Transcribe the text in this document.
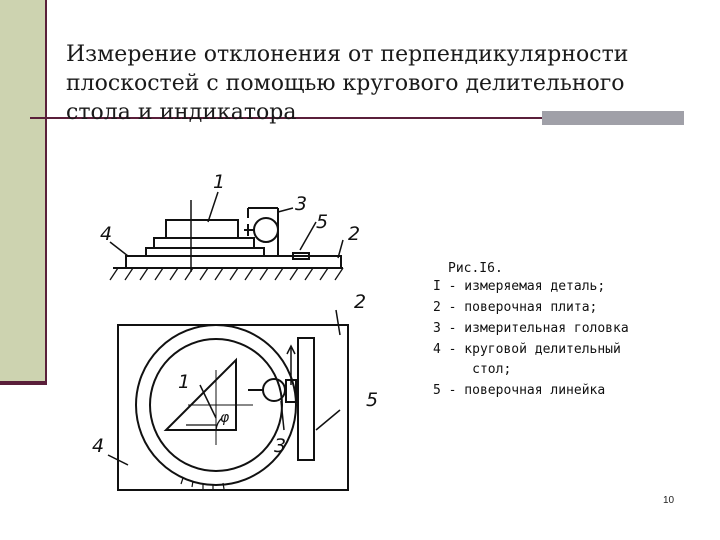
Измерение отклонения от перпендикулярности
плоскостей с помощью кругового делительного
стола и индикатора
1
3
5
2
4
2
1
φ
5
3
4
Рис.I6.
I - измеряемая деталь;
2 - поверочная плита;
3 - измерительная головка
4 - круговой делительный
стол;
5 - поверочная линейка
10
